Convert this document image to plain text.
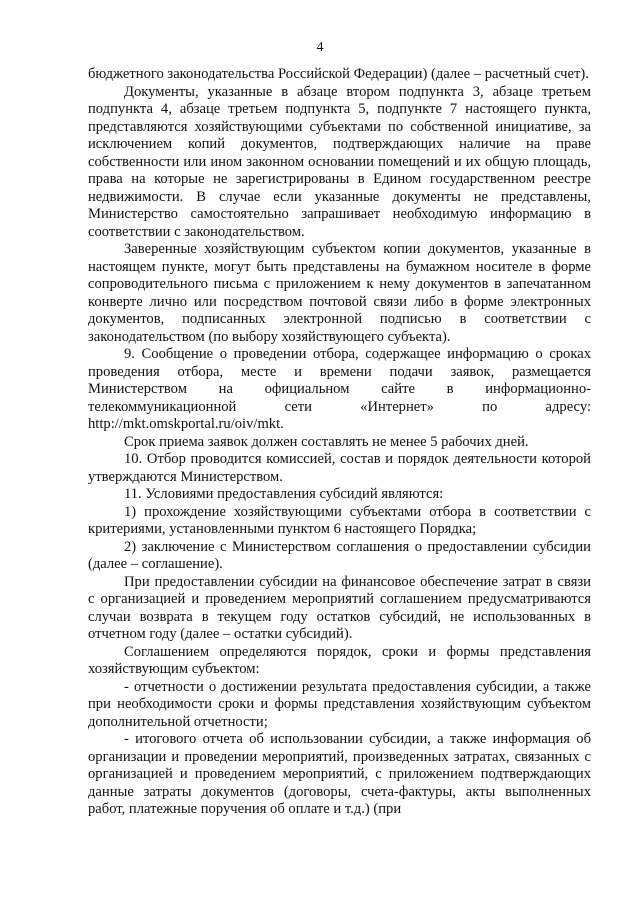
4

бюджетного законодательства Российской Федерации) (далее – расчетный счет).

Документы, указанные в абзаце втором подпункта 3, абзаце третьем подпункта 4, абзаце третьем подпункта 5, подпункте 7 настоящего пункта, представляются хозяйствующими субъектами по собственной инициативе, за исключением копий документов, подтверждающих наличие на праве собственности или ином законном основании помещений и их общую площадь, права на которые не зарегистрированы в Едином государственном реестре недвижимости. В случае если указанные документы не представлены, Министерство самостоятельно запрашивает необходимую информацию в соответствии с законодательством.

Заверенные хозяйствующим субъектом копии документов, указанные в настоящем пункте, могут быть представлены на бумажном носителе в форме сопроводительного письма с приложением к нему документов в запечатанном конверте лично или посредством почтовой связи либо в форме электронных документов, подписанных электронной подписью в соответствии с законодательством (по выбору хозяйствующего субъекта).

9. Сообщение о проведении отбора, содержащее информацию о сроках проведения отбора, месте и времени подачи заявок, размещается Министерством на официальном сайте в информационно-телекоммуникационной сети «Интернет» по адресу: http://mkt.omskportal.ru/oiv/mkt.

Срок приема заявок должен составлять не менее 5 рабочих дней.

10. Отбор проводится комиссией, состав и порядок деятельности которой утверждаются Министерством.

11. Условиями предоставления субсидий являются:

1) прохождение хозяйствующими субъектами отбора в соответствии с критериями, установленными пунктом 6 настоящего Порядка;

2) заключение с Министерством соглашения о предоставлении субсидии (далее – соглашение).

При предоставлении субсидии на финансовое обеспечение затрат в связи с организацией и проведением мероприятий соглашением предусматриваются случаи возврата в текущем году остатков субсидий, не использованных в отчетном году (далее – остатки субсидий).

Соглашением определяются порядок, сроки и формы представления хозяйствующим субъектом:

- отчетности о достижении результата предоставления субсидии, а также при необходимости сроки и формы представления хозяйствующим субъектом дополнительной отчетности;

- итогового отчета об использовании субсидии, а также информация об организации и проведении мероприятий, произведенных затратах, связанных с организацией и проведением мероприятий, с приложением подтверждающих данные затраты документов (договоры, счета-фактуры, акты выполненных работ, платежные поручения об оплате и т.д.) (при
